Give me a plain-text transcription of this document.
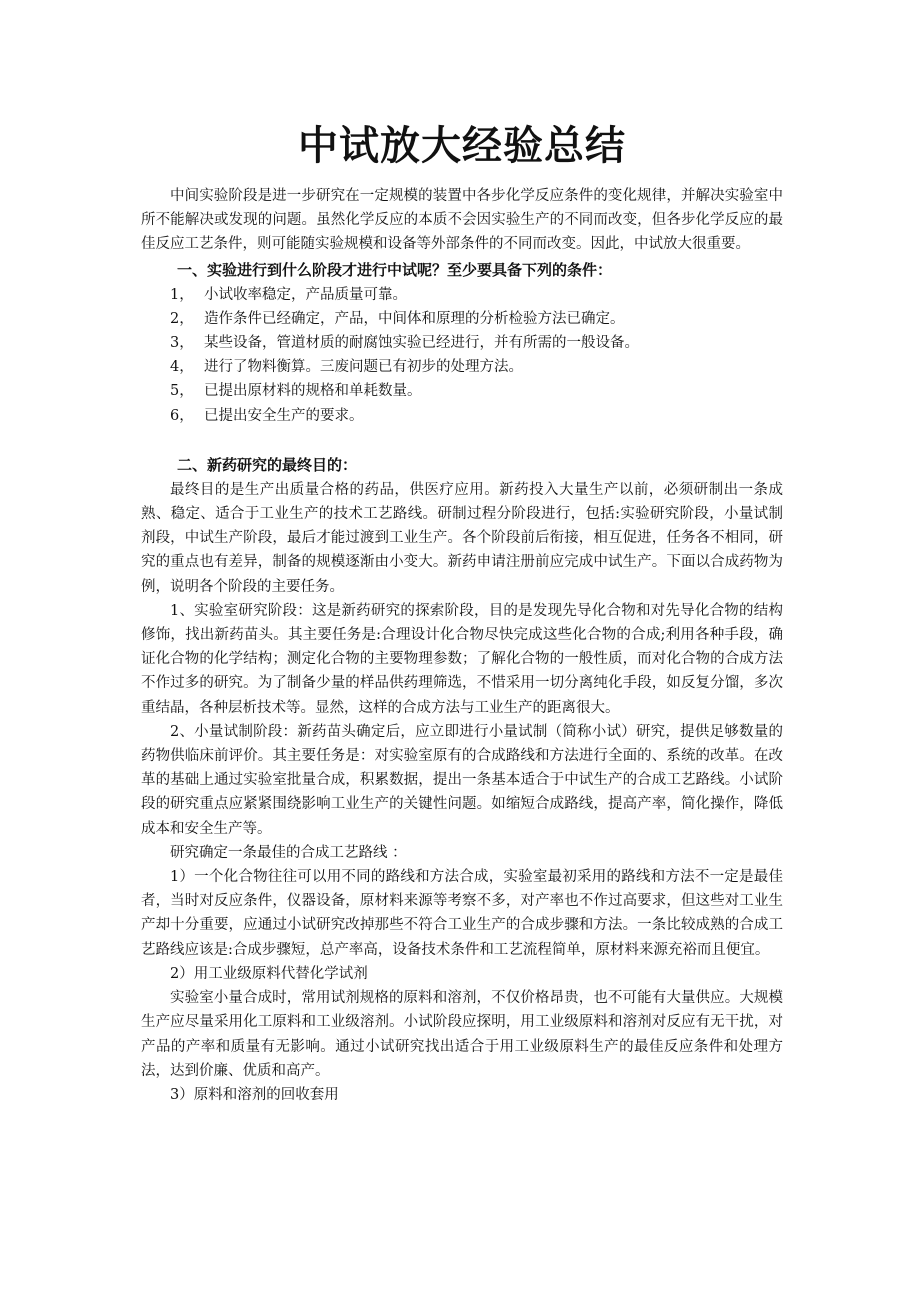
中试放大经验总结

中间实验阶段是进一步研究在一定规模的装置中各步化学反应条件的变化规律，并解决实验室中所不能解决或发现的问题。虽然化学反应的本质不会因实验生产的不同而改变，但各步化学反应的最佳反应工艺条件，则可能随实验规模和设备等外部条件的不同而改变。因此，中试放大很重要。

一、实验进行到什么阶段才进行中试呢？至少要具备下列的条件：

1， 小试收率稳定，产品质量可靠。
2， 造作条件已经确定，产品，中间体和原理的分析检验方法已确定。
3， 某些设备，管道材质的耐腐蚀实验已经进行，并有所需的一般设备。
4， 进行了物料衡算。三废问题已有初步的处理方法。
5， 已提出原材料的规格和单耗数量。
6， 已提出安全生产的要求。

二、新药研究的最终目的：

最终目的是生产出质量合格的药品，供医疗应用。新药投入大量生产以前，必须研制出一条成熟、稳定、适合于工业生产的技术工艺路线。研制过程分阶段进行，包括:实验研究阶段，小量试制剂段，中试生产阶段，最后才能过渡到工业生产。各个阶段前后衔接，相互促进，任务各不相同，研究的重点也有差异，制备的规模逐渐由小变大。新药申请注册前应完成中试生产。下面以合成药物为例，说明各个阶段的主要任务。

1、实验室研究阶段：这是新药研究的探索阶段，目的是发现先导化合物和对先导化合物的结构修饰，找出新药苗头。其主要任务是:合理设计化合物尽快完成这些化合物的合成;利用各种手段，确证化合物的化学结构；测定化合物的主要物理参数；了解化合物的一般性质，而对化合物的合成方法不作过多的研究。为了制备少量的样品供药理筛选，不惜采用一切分离纯化手段，如反复分馏，多次重结晶，各种层析技术等。显然，这样的合成方法与工业生产的距离很大。

2、小量试制阶段：新药苗头确定后，应立即进行小量试制（简称小试）研究，提供足够数量的药物供临床前评价。其主要任务是：对实验室原有的合成路线和方法进行全面的、系统的改革。在改革的基础上通过实验室批量合成，积累数据，提出一条基本适合于中试生产的合成工艺路线。小试阶段的研究重点应紧紧围绕影响工业生产的关键性问题。如缩短合成路线，提高产率，简化操作，降低成本和安全生产等。

研究确定一条最佳的合成工艺路线 ：

1）一个化合物往往可以用不同的路线和方法合成，实验室最初采用的路线和方法不一定是最佳者，当时对反应条件，仪器设备，原材料来源等考察不多，对产率也不作过高要求，但这些对工业生产却十分重要，应通过小试研究改掉那些不符合工业生产的合成步骤和方法。一条比较成熟的合成工艺路线应该是:合成步骤短，总产率高，设备技术条件和工艺流程简单，原材料来源充裕而且便宜。

2）用工业级原料代替化学试剂

实验室小量合成时，常用试剂规格的原料和溶剂，不仅价格昂贵，也不可能有大量供应。大规模生产应尽量采用化工原料和工业级溶剂。小试阶段应探明，用工业级原料和溶剂对反应有无干扰，对产品的产率和质量有无影响。通过小试研究找出适合于用工业级原料生产的最佳反应条件和处理方法，达到价廉、优质和高产。

3）原料和溶剂的回收套用
